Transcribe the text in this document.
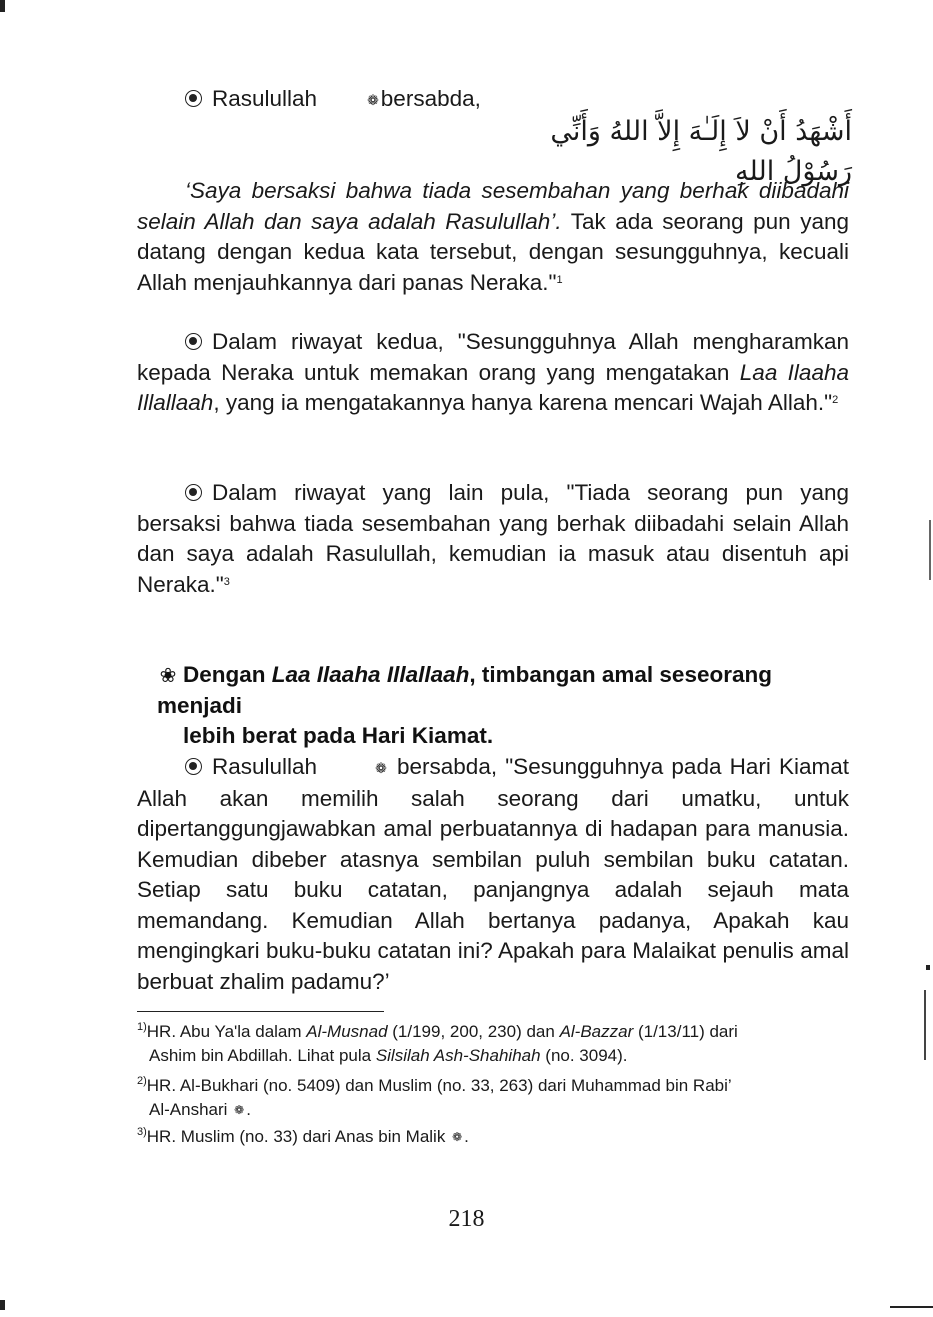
Rasulullah	❁bersabda,

أَشْهَدُ أَنْ لاَ إِلَـٰهَ إِلاَّ اللهُ وَأَنِّي رَسُوْلُ اللهِ

‘Saya bersaksi bahwa tiada sesembahan yang berhak diibadahi selain Allah dan saya adalah Rasulullah’. Tak ada seorang pun yang datang dengan kedua kata tersebut, dengan sesungguhnya, kecuali Allah menjauhkannya dari panas Neraka."$^1$

Dalam riwayat kedua, "Sesungguhnya Allah mengharamkan kepada Neraka untuk memakan orang yang mengatakan Laa Ilaaha Illallaah, yang ia mengatakannya hanya karena mencari Wajah Allah."$^2$

Dalam riwayat yang lain pula, "Tiada seorang pun yang bersaksi bahwa tiada sesembahan yang berhak diibadahi selain Allah dan saya adalah Rasulullah, kemudian ia masuk atau disentuh api Neraka."$^3$

❀ Dengan Laa Ilaaha Illallaah, timbangan amal seseorang menjadi
lebih berat pada Hari Kiamat.

Rasulullah	❁ bersabda, "Sesungguhnya pada Hari Kiamat Allah akan memilih salah seorang dari umatku, untuk dipertanggungjawabkan amal perbuatannya di hadapan para manusia. Kemudian dibeber atasnya sembilan puluh sembilan buku catatan. Setiap satu buku catatan, panjangnya adalah sejauh mata memandang. Kemudian Allah bertanya padanya, Apakah kau mengingkari buku-buku catatan ini? Apakah para Malaikat penulis amal berbuat zhalim padamu?’

$^{1)}$HR. Abu Ya'la dalam Al-Musnad (1/199, 200, 230) dan Al-Bazzar (1/13/11) dari
Ashim bin Abdillah. Lihat pula Silsilah Ash-Shahihah (no. 3094).

$^{2)}$HR. Al-Bukhari (no. 5409) dan Muslim (no. 33, 263) dari Muhammad bin Rabi’
Al-Anshari ❁ .

$^{3)}$HR. Muslim (no. 33) dari Anas bin Malik ❁ .

218
